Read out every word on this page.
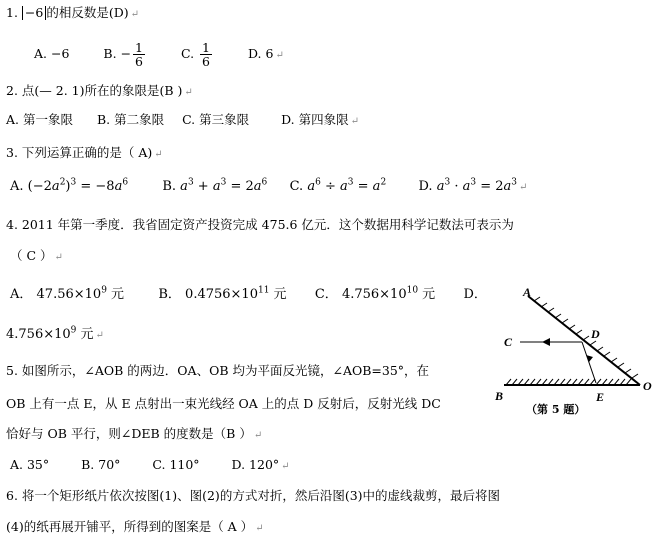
1. −6 的相反数是(D) ↵
A. −6	B. − $\frac{1}{6}$	C. $\frac{1}{6}$	D. 6 ↵
2. 点(— 2. 1)所在的象限是(B ) ↵
A. 第一象限 B. 第二象限 C. 第三象限	D. 第四象限 ↵
3. 下列运算正确的是（ A) ↵
A. $(-2a^2)^3 = -8a^6$	B. $a^3 + a^3 = 2a^6$ C. $a^6 \div a^3 = a^2$ D. $a^3 \cdot a^3 = 2a^3$ ↵
4. 2011 年第一季度．我省固定资产投资完成 475.6 亿元．这个数据用科学记数法可表示为
（ C ） ↵
A． $47.56\times 10^9$ 元	B． $0.4756\times 10^{11}$ 元 C． $4.756\times 10^{10}$ 元 D．
$4.756\times 10^9$ 元 ↵
5. 如图所示，∠AOB 的两边．OA、OB 均为平面反光镜，∠AOB=35°，在
OB 上有一点 E，从 E 点射出一束光线经 OA 上的点 D 反射后，反射光线 DC
恰好与 OB 平行，则∠DEB 的度数是（B ） ↵
A. 35°	B. 70°	C. 110°	D. 120° ↵
6. 将一个矩形纸片依次按图(1)、图(2)的方式对折，然后沿图(3)中的虚线裁剪，最后将图
(4)的纸再展开铺平，所得到的图案是（ A ） ↵
A
C
D
B	E
O
（第 5 题）
